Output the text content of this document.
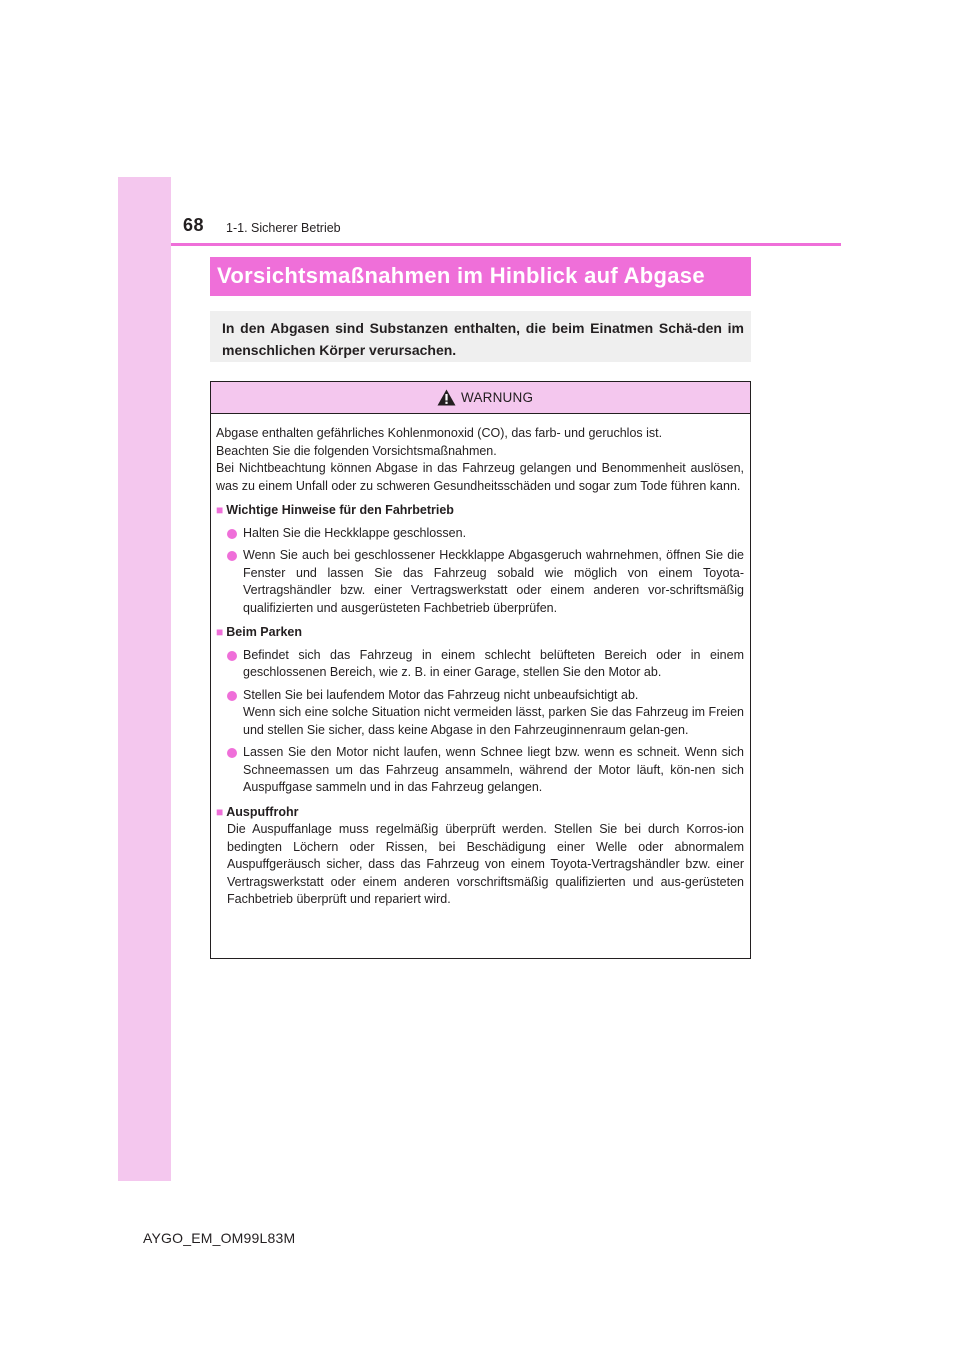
68 1-1. Sicherer Betrieb
Vorsichtsmaßnahmen im Hinblick auf Abgase
In den Abgasen sind Substanzen enthalten, die beim Einatmen Schä-den im menschlichen Körper verursachen.
WARNUNG
Abgase enthalten gefährliches Kohlenmonoxid (CO), das farb- und geruchlos ist.
Beachten Sie die folgenden Vorsichtsmaßnahmen.
Bei Nichtbeachtung können Abgase in das Fahrzeug gelangen und Benommenheit auslösen, was zu einem Unfall oder zu schweren Gesundheitsschäden und sogar zum Tode führen kann.
■ Wichtige Hinweise für den Fahrbetrieb
Halten Sie die Heckklappe geschlossen.
Wenn Sie auch bei geschlossener Heckklappe Abgasgeruch wahrnehmen, öffnen Sie die Fenster und lassen Sie das Fahrzeug sobald wie möglich von einem Toyota-Vertragshändler bzw. einer Vertragswerkstatt oder einem anderen vor-schriftsmäßig qualifizierten und ausgerüsteten Fachbetrieb überprüfen.
■ Beim Parken
Befindet sich das Fahrzeug in einem schlecht belüfteten Bereich oder in einem geschlossenen Bereich, wie z. B. in einer Garage, stellen Sie den Motor ab.
Stellen Sie bei laufendem Motor das Fahrzeug nicht unbeaufsichtigt ab.
Wenn sich eine solche Situation nicht vermeiden lässt, parken Sie das Fahrzeug im Freien und stellen Sie sicher, dass keine Abgase in den Fahrzeuginnenraum gelan-gen.
Lassen Sie den Motor nicht laufen, wenn Schnee liegt bzw. wenn es schneit. Wenn sich Schneemassen um das Fahrzeug ansammeln, während der Motor läuft, kön-nen sich Auspuffgase sammeln und in das Fahrzeug gelangen.
■ Auspuffrohr
Die Auspuffanlage muss regelmäßig überprüft werden. Stellen Sie bei durch Korros-ion bedingten Löchern oder Rissen, bei Beschädigung einer Welle oder abnormalem Auspuffgeräusch sicher, dass das Fahrzeug von einem Toyota-Vertragshändler bzw. einer Vertragswerkstatt oder einem anderen vorschriftsmäßig qualifizierten und aus-gerüsteten Fachbetrieb überprüft und repariert wird.
AYGO_EM_OM99L83M
